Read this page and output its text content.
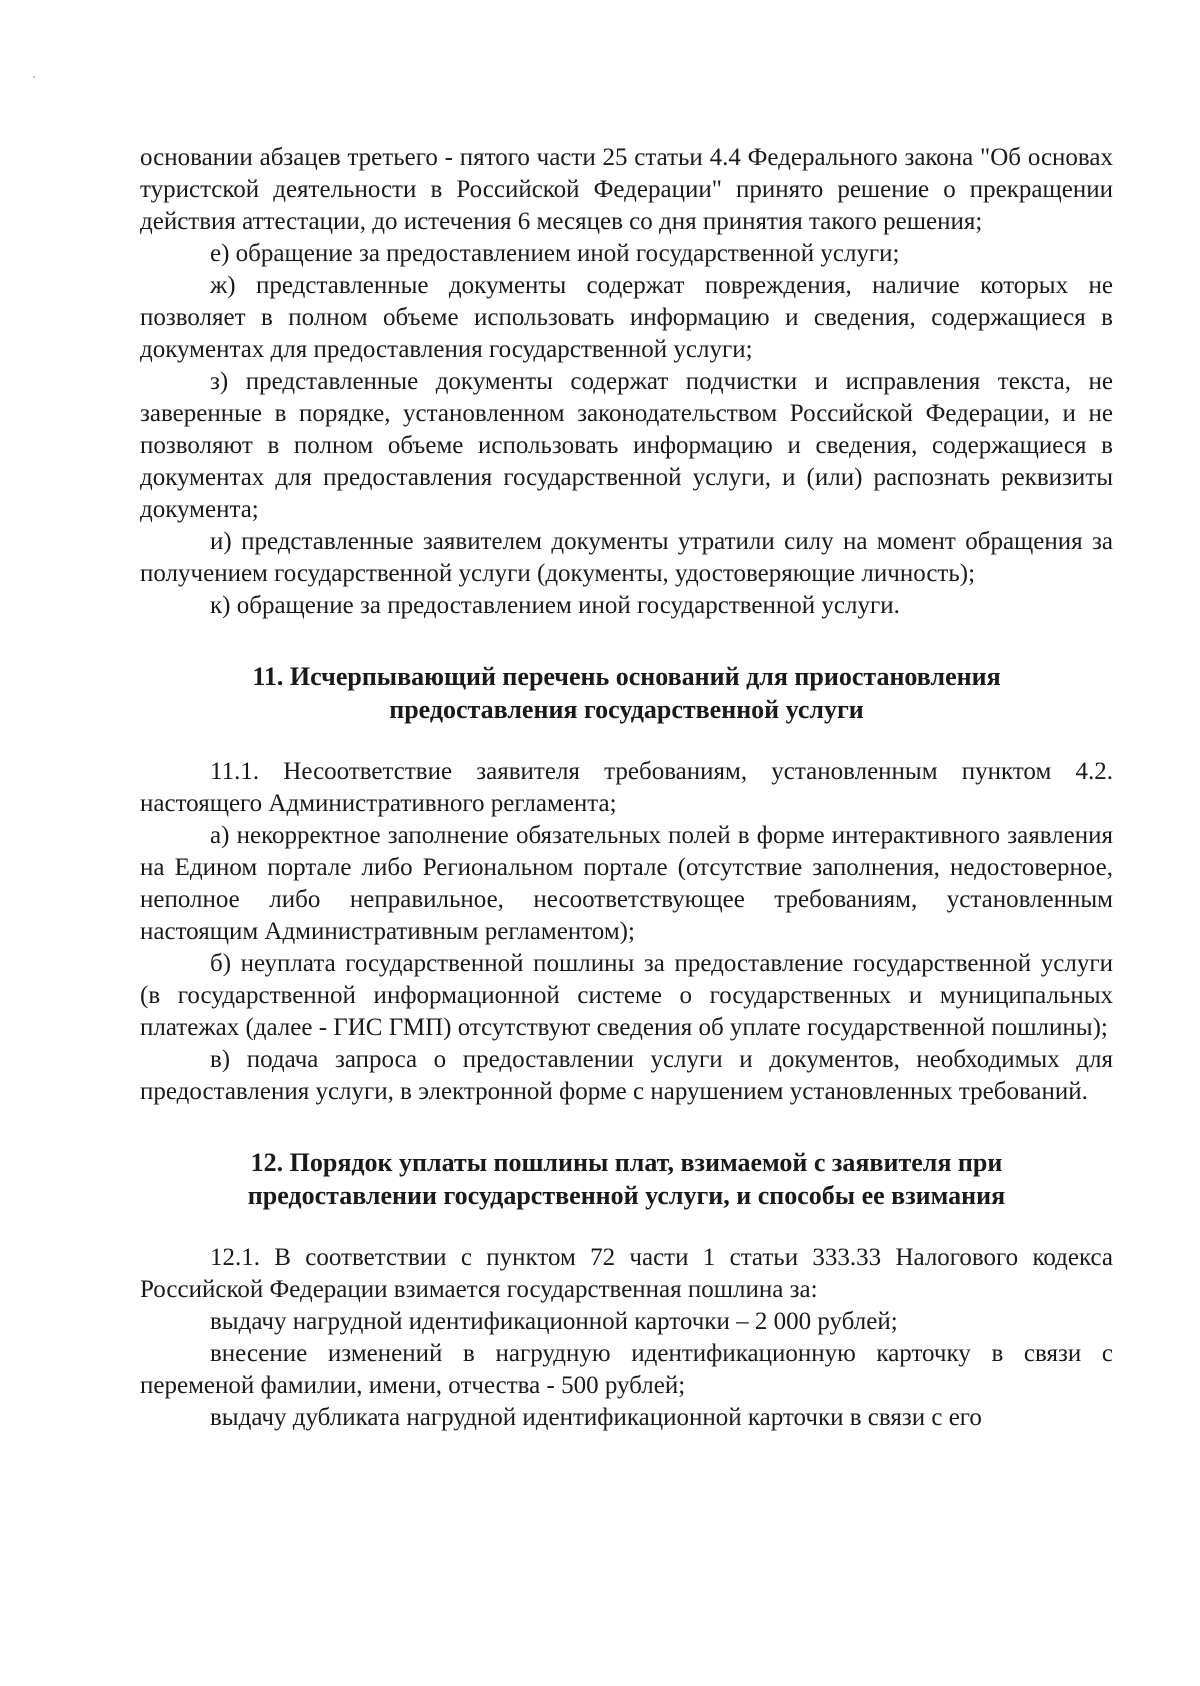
основании абзацев третьего - пятого части 25 статьи 4.4 Федерального закона "Об основах туристской деятельности в Российской Федерации" принято решение о прекращении действия аттестации, до истечения 6 месяцев со дня принятия такого решения;

е) обращение за предоставлением иной государственной услуги;

ж) представленные документы содержат повреждения, наличие которых не позволяет в полном объеме использовать информацию и сведения, содержащиеся в документах для предоставления государственной услуги;

з) представленные документы содержат подчистки и исправления текста, не заверенные в порядке, установленном законодательством Российской Федерации, и не позволяют в полном объеме использовать информацию и сведения, содержащиеся в документах для предоставления государственной услуги, и (или) распознать реквизиты документа;

и) представленные заявителем документы утратили силу на момент обращения за получением государственной услуги (документы, удостоверяющие личность);

к) обращение за предоставлением иной государственной услуги.

11. Исчерпывающий перечень оснований для приостановления предоставления государственной услуги

11.1. Несоответствие заявителя требованиям, установленным пунктом 4.2. настоящего Административного регламента;

а) некорректное заполнение обязательных полей в форме интерактивного заявления на Едином портале либо Региональном портале (отсутствие заполнения, недостоверное, неполное либо неправильное, несоответствующее требованиям, установленным настоящим Административным регламентом);

б) неуплата государственной пошлины за предоставление государственной услуги (в государственной информационной системе о государственных и муниципальных платежах (далее - ГИС ГМП) отсутствуют сведения об уплате государственной пошлины);

в) подача запроса о предоставлении услуги и документов, необходимых для предоставления услуги, в электронной форме с нарушением установленных требований.

12. Порядок уплаты пошлины плат, взимаемой с заявителя при предоставлении государственной услуги, и способы ее взимания

12.1. В соответствии с пунктом 72 части 1 статьи 333.33 Налогового кодекса Российской Федерации взимается государственная пошлина за:

выдачу нагрудной идентификационной карточки – 2 000 рублей;

внесение изменений в нагрудную идентификационную карточку в связи с переменой фамилии, имени, отчества - 500 рублей;

выдачу дубликата нагрудной идентификационной карточки в связи с его
